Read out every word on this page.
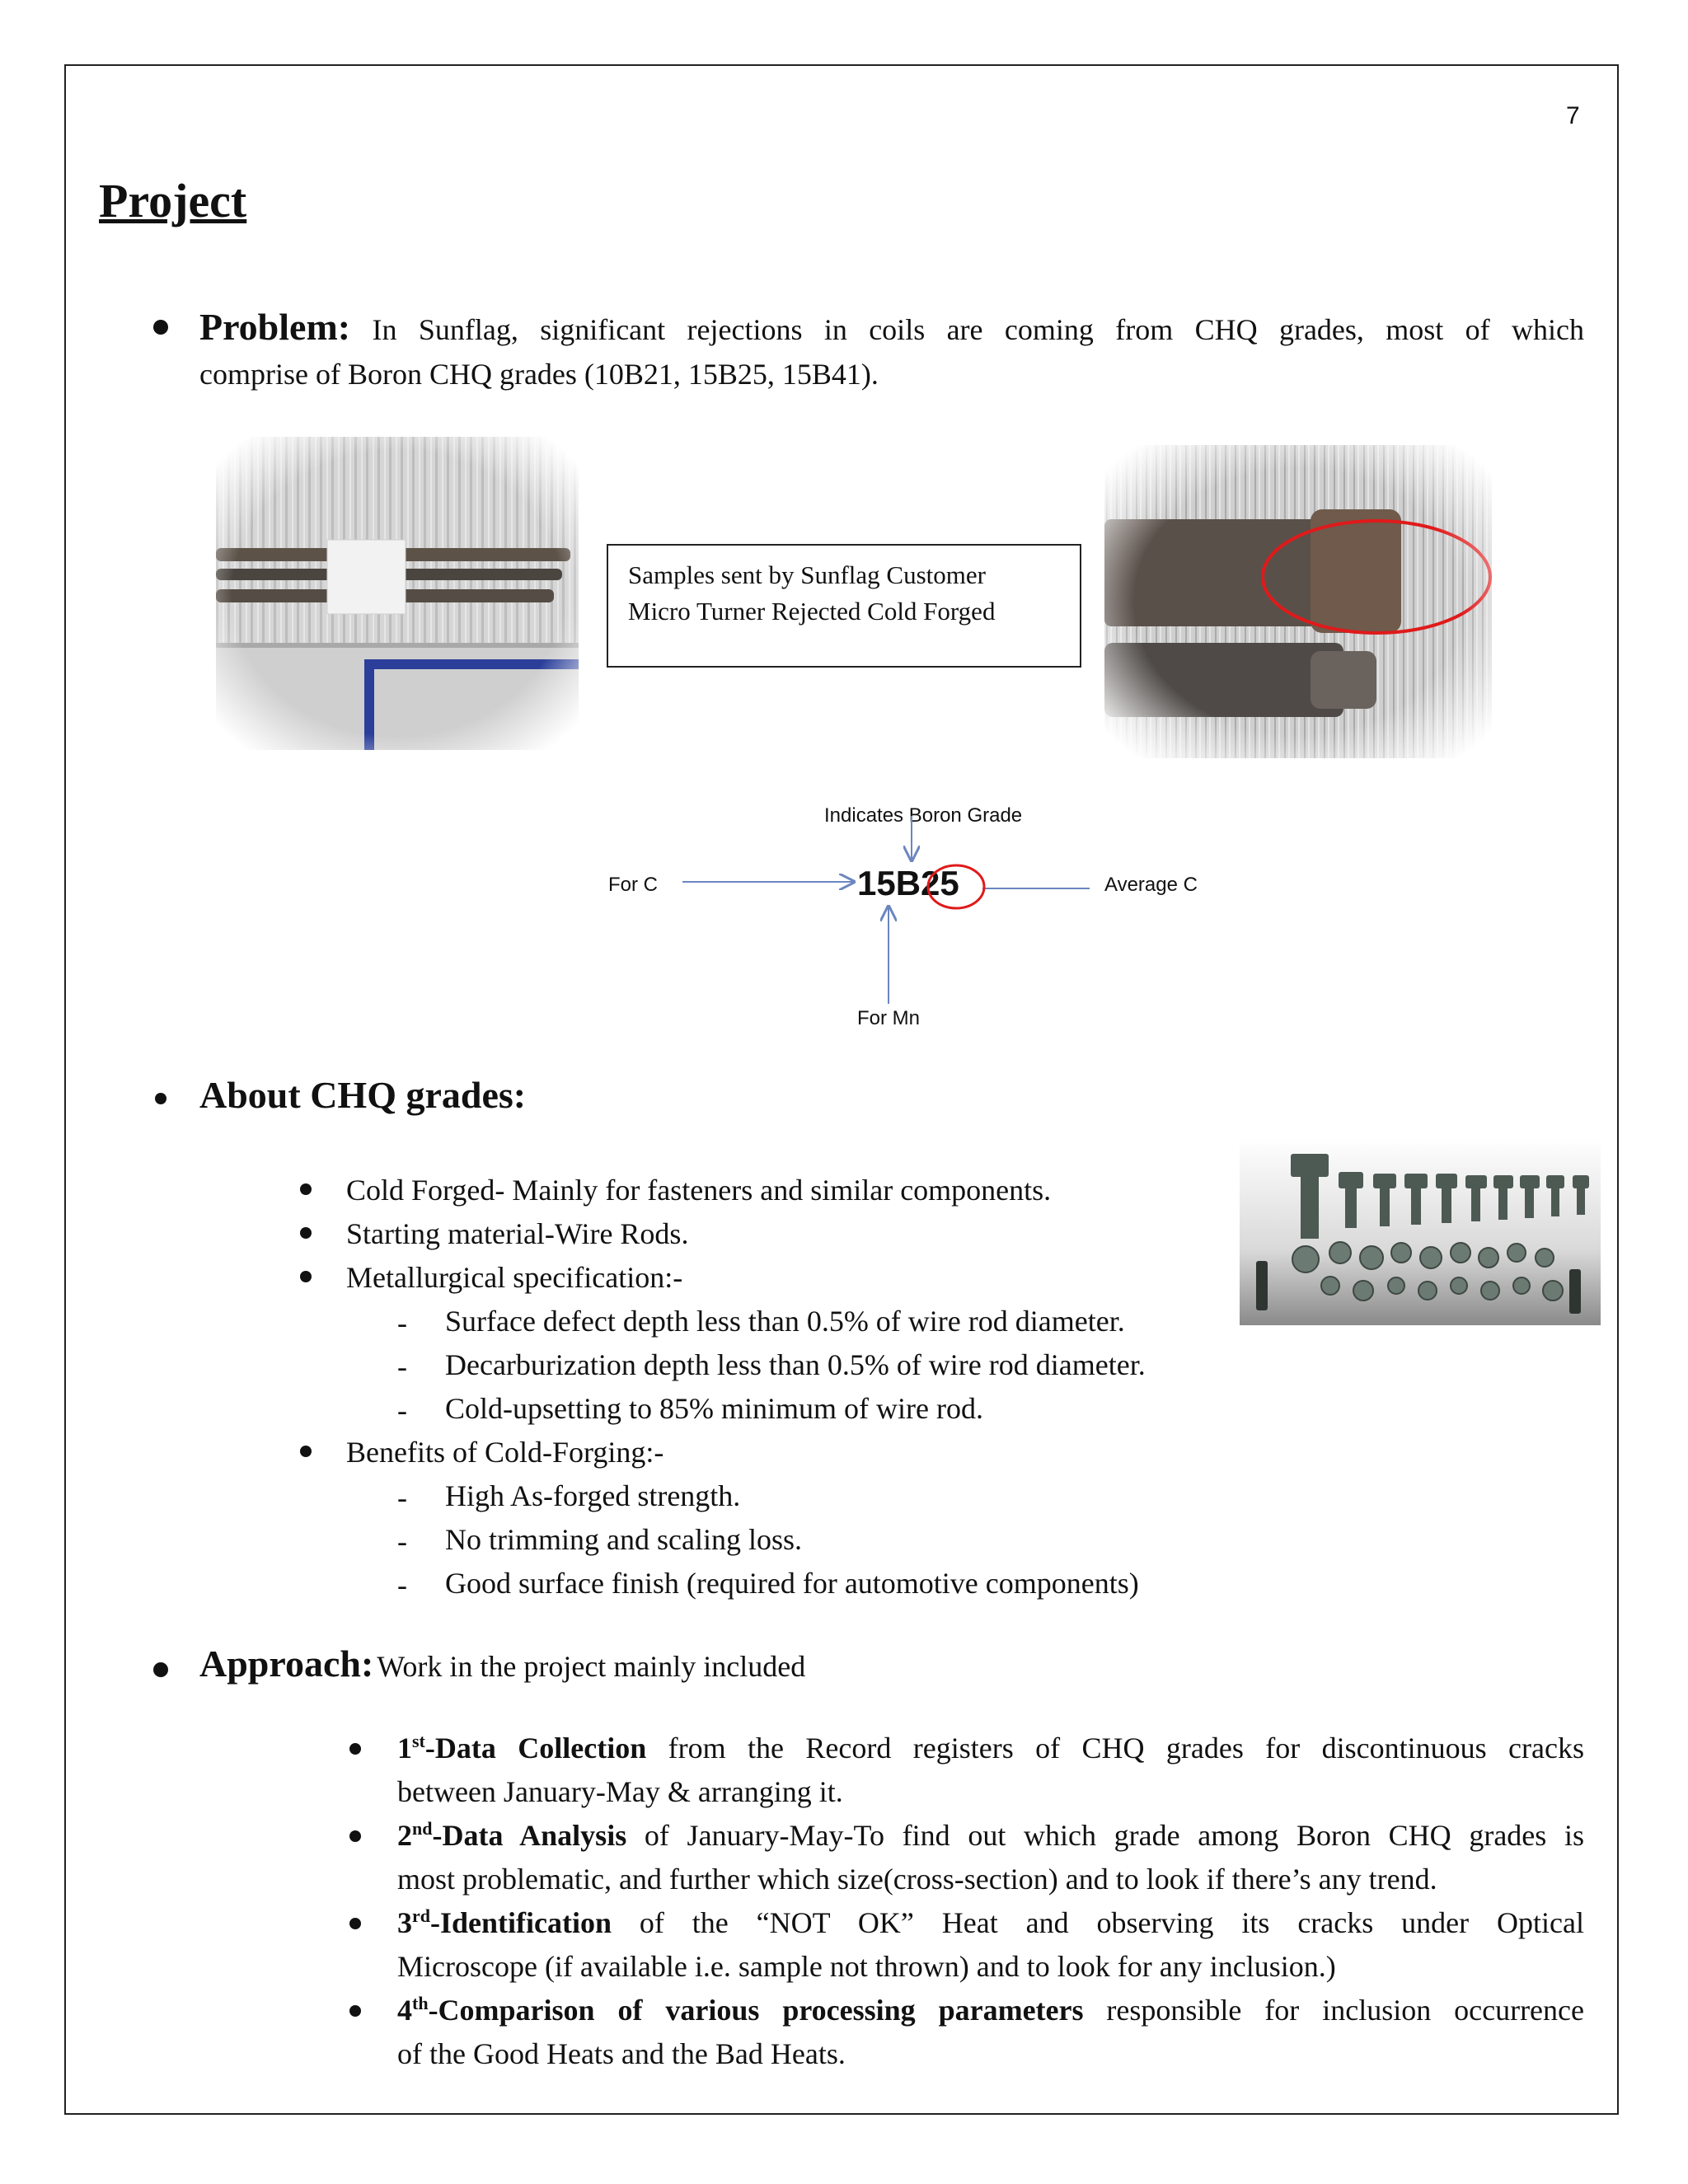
7
Project
Problem: In Sunflag, significant rejections in coils are coming from CHQ grades, most of which
comprise of Boron CHQ grades (10B21, 15B25, 15B41).
Samples sent by Sunflag Customer
Micro Turner Rejected Cold Forged
Indicates Boron Grade
For C	Average C
For Mn
15B25
About CHQ grades:
Cold Forged- Mainly for fasteners and similar components.
Starting material-Wire Rods.
Metallurgical specification:-
- Surface defect depth less than 0.5% of wire rod diameter.
- Decarburization depth less than 0.5% of wire rod diameter.
- Cold-upsetting to 85% minimum of wire rod.
Benefits of Cold-Forging:-
- High As-forged strength.
- No trimming and scaling loss.
- Good surface finish (required for automotive components)
Approach: Work in the project mainly included
1st-Data Collection from the Record registers of CHQ grades for discontinuous cracks
between January-May & arranging it.
2nd-Data Analysis of January-May-To find out which grade among Boron CHQ grades is
most problematic, and further which size(cross-section) and to look if there’s any trend.
3rd-Identification of the “NOT OK” Heat and observing its cracks under Optical
Microscope (if available i.e. sample not thrown) and to look for any inclusion.)
4th-Comparison of various processing parameters responsible for inclusion occurrence
of the Good Heats and the Bad Heats.
